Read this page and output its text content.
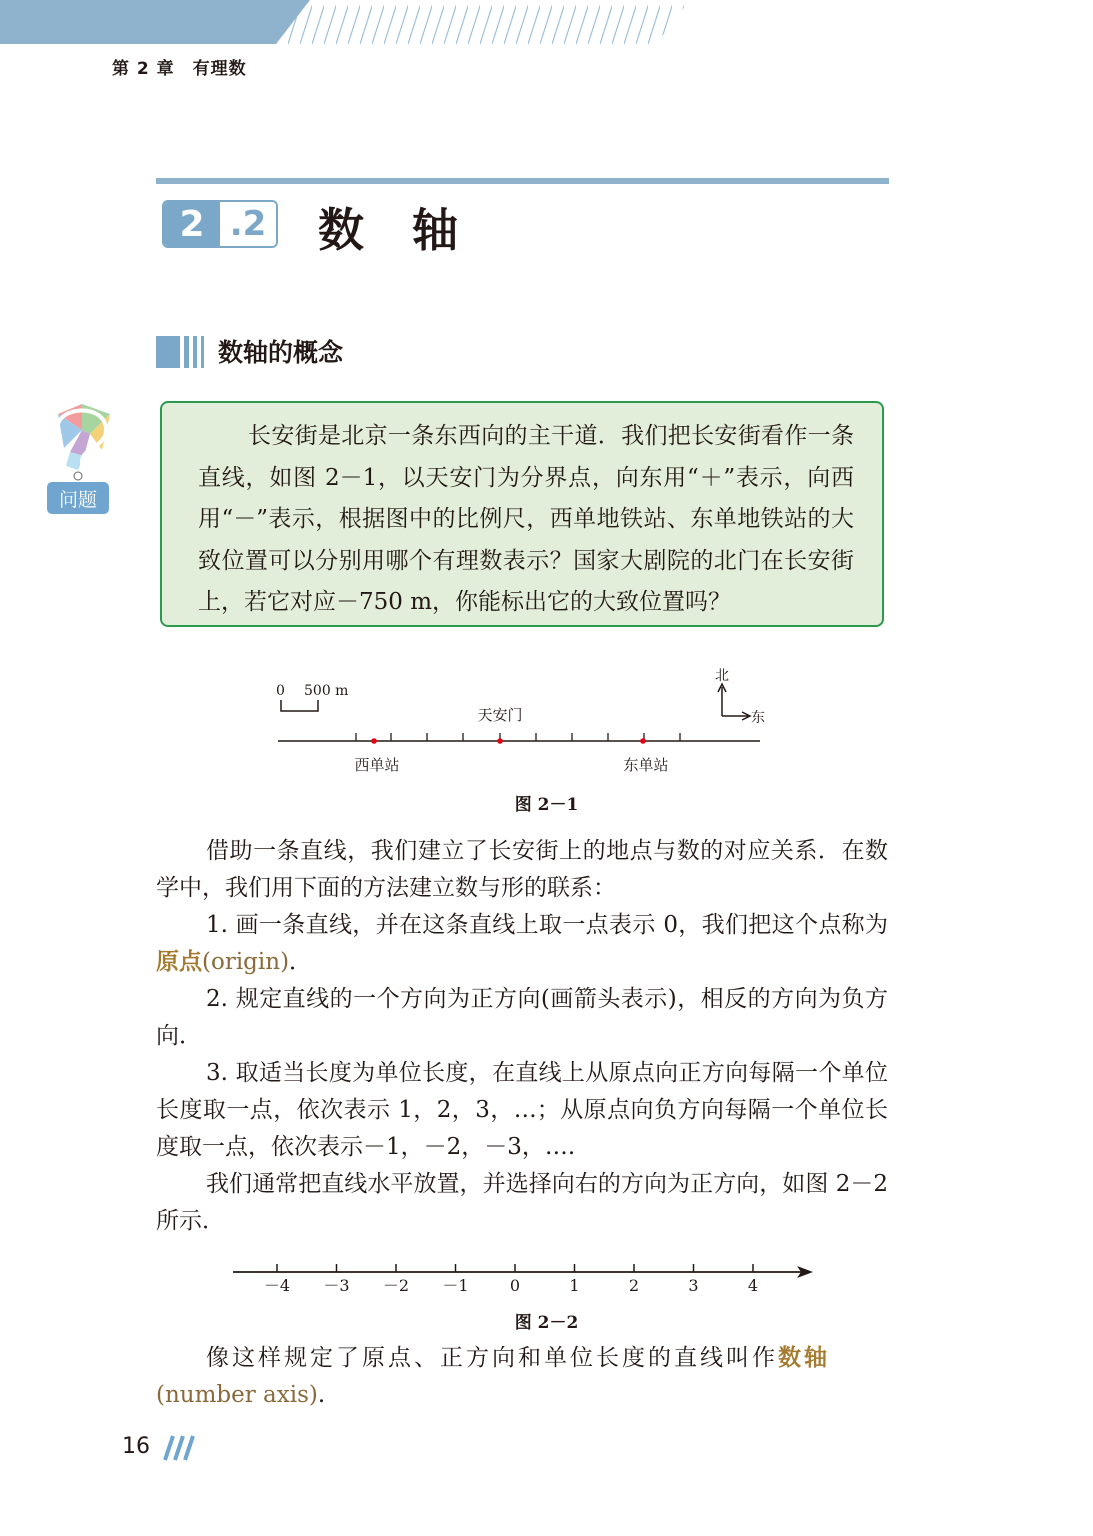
第 2 章 有理数
2 .2 数轴
数轴的概念
问题
长安街是北京一条东西向的主干道．我们把长安街看作一条直线，如图 2－1，以天安门为分界点，向东用“＋”表示，向西用“－”表示，根据图中的比例尺，西单地铁站、东单地铁站的大致位置可以分别用哪个有理数表示？国家大剧院的北门在长安街上，若它对应－750 m，你能标出它的大致位置吗？
0 500 m
北
东
天安门
西单站	东单站
图 2－1
借助一条直线，我们建立了长安街上的地点与数的对应关系．在数学中，我们用下面的方法建立数与形的联系：
1. 画一条直线，并在这条直线上取一点表示 0，我们把这个点称为原点(origin)．
2. 规定直线的一个方向为正方向(画箭头表示)，相反的方向为负方向．
3. 取适当长度为单位长度，在直线上从原点向正方向每隔一个单位长度取一点，依次表示 1，2，3，…；从原点向负方向每隔一个单位长度取一点，依次表示－1，－2，－3，….
我们通常把直线水平放置，并选择向右的方向为正方向，如图 2－2 所示．
－4 －3 －2 －1	0	1	2	3	4
图 2－2
像这样规定了原点、正方向和单位长度的直线叫作数轴
(number axis).
16
